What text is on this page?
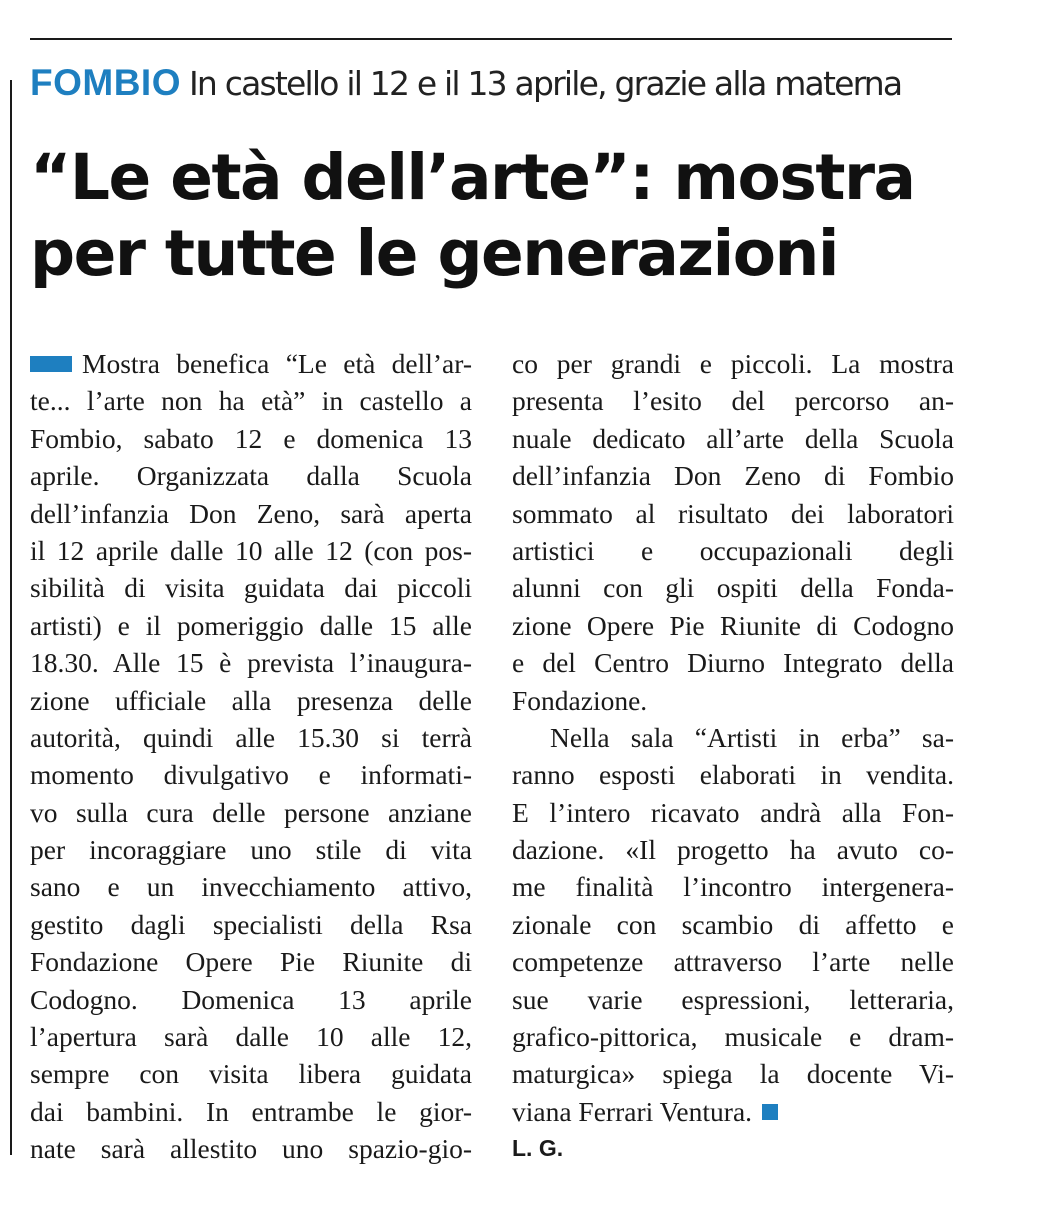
FOMBIO In castello il 12 e il 13 aprile, grazie alla materna
“Le età dell’arte”: mostra
per tutte le generazioni
Mostra benefica “Le età dell’ar-
te... l’arte non ha età” in castello a
Fombio, sabato 12 e domenica 13
aprile. Organizzata dalla Scuola
dell’infanzia Don Zeno, sarà aperta
il 12 aprile dalle 10 alle 12 (con pos-
sibilità di visita guidata dai piccoli
artisti) e il pomeriggio dalle 15 alle
18.30. Alle 15 è prevista l’inaugura-
zione ufficiale alla presenza delle
autorità, quindi alle 15.30 si terrà
momento divulgativo e informati-
vo sulla cura delle persone anziane
per incoraggiare uno stile di vita
sano e un invecchiamento attivo,
gestito dagli specialisti della Rsa
Fondazione Opere Pie Riunite di
Codogno. Domenica 13 aprile
l’apertura sarà dalle 10 alle 12,
sempre con visita libera guidata
dai bambini. In entrambe le gior-
nate sarà allestito uno spazio-gio-
co per grandi e piccoli. La mostra
presenta l’esito del percorso an-
nuale dedicato all’arte della Scuola
dell’infanzia Don Zeno di Fombio
sommato al risultato dei laboratori
artistici e occupazionali degli
alunni con gli ospiti della Fonda-
zione Opere Pie Riunite di Codogno
e del Centro Diurno Integrato della
Fondazione.
Nella sala “Artisti in erba” sa-
ranno esposti elaborati in vendita.
E l’intero ricavato andrà alla Fon-
dazione. «Il progetto ha avuto co-
me finalità l’incontro intergenera-
zionale con scambio di affetto e
competenze attraverso l’arte nelle
sue varie espressioni, letteraria,
grafico-pittorica, musicale e dram-
maturgica» spiega la docente Vi-
viana Ferrari Ventura.
L. G.
